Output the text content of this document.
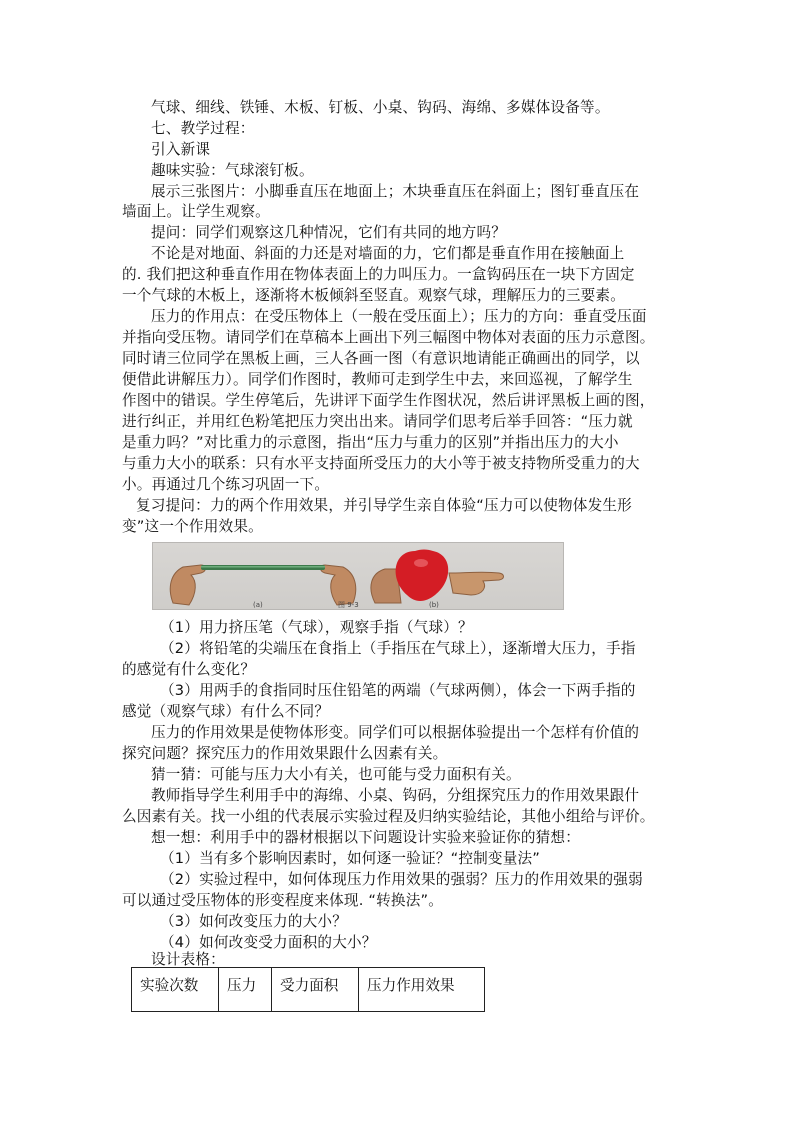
气球、细线、铁锤、木板、钉板、小桌、钩码、海绵、多媒体设备等。
七、教学过程：
引入新课
趣味实验：气球滚钉板。
展示三张图片：小脚垂直压在地面上；木块垂直压在斜面上；图钉垂直压在
墙面上。让学生观察。
提问：同学们观察这几种情况，它们有共同的地方吗？
不论是对地面、斜面的力还是对墙面的力，它们都是垂直作用在接触面上
的. 我们把这种垂直作用在物体表面上的力叫压力。一盒钩码压在一块下方固定
一个气球的木板上，逐渐将木板倾斜至竖直。观察气球，理解压力的三要素。
压力的作用点：在受压物体上（一般在受压面上）；压力的方向：垂直受压面
并指向受压物。请同学们在草稿本上画出下列三幅图中物体对表面的压力示意图。
同时请三位同学在黑板上画，三人各画一图（有意识地请能正确画出的同学，以
便借此讲解压力）。同学们作图时，教师可走到学生中去，来回巡视，了解学生
作图中的错误。学生停笔后，先讲评下面学生作图状况，然后讲评黑板上画的图，
进行纠正，并用红色粉笔把压力突出出来。请同学们思考后举手回答：“压力就
是重力吗？”对比重力的示意图，指出“压力与重力的区别”并指出压力的大小
与重力大小的联系：只有水平支持面所受压力的大小等于被支持物所受重力的大
小。再通过几个练习巩固一下。
复习提问：力的两个作用效果，并引导学生亲自体验“压力可以使物体发生形
变”这一个作用效果。
(a)	图 9-3	(b)
（1）用力挤压笔（气球），观察手指（气球）？
（2）将铅笔的尖端压在食指上（手指压在气球上），逐渐增大压力，手指
的感觉有什么变化？
（3）用两手的食指同时压住铅笔的两端（气球两侧），体会一下两手指的
感觉（观察气球）有什么不同？
压力的作用效果是使物体形变。同学们可以根据体验提出一个怎样有价值的
探究问题？探究压力的作用效果跟什么因素有关。
猜一猜：可能与压力大小有关，也可能与受力面积有关。
教师指导学生利用手中的海绵、小桌、钩码，分组探究压力的作用效果跟什
么因素有关。找一小组的代表展示实验过程及归纳实验结论，其他小组给与评价。
想一想：利用手中的器材根据以下问题设计实验来验证你的猜想：
（1）当有多个影响因素时，如何逐一验证？“控制变量法”
（2）实验过程中，如何体现压力作用效果的强弱？压力的作用效果的强弱
可以通过受压物体的形变程度来体现. “转换法”。
（3）如何改变压力的大小？
（4）如何改变受力面积的大小？
设计表格：
实验次数	压力	受力面积	压力作用效果
